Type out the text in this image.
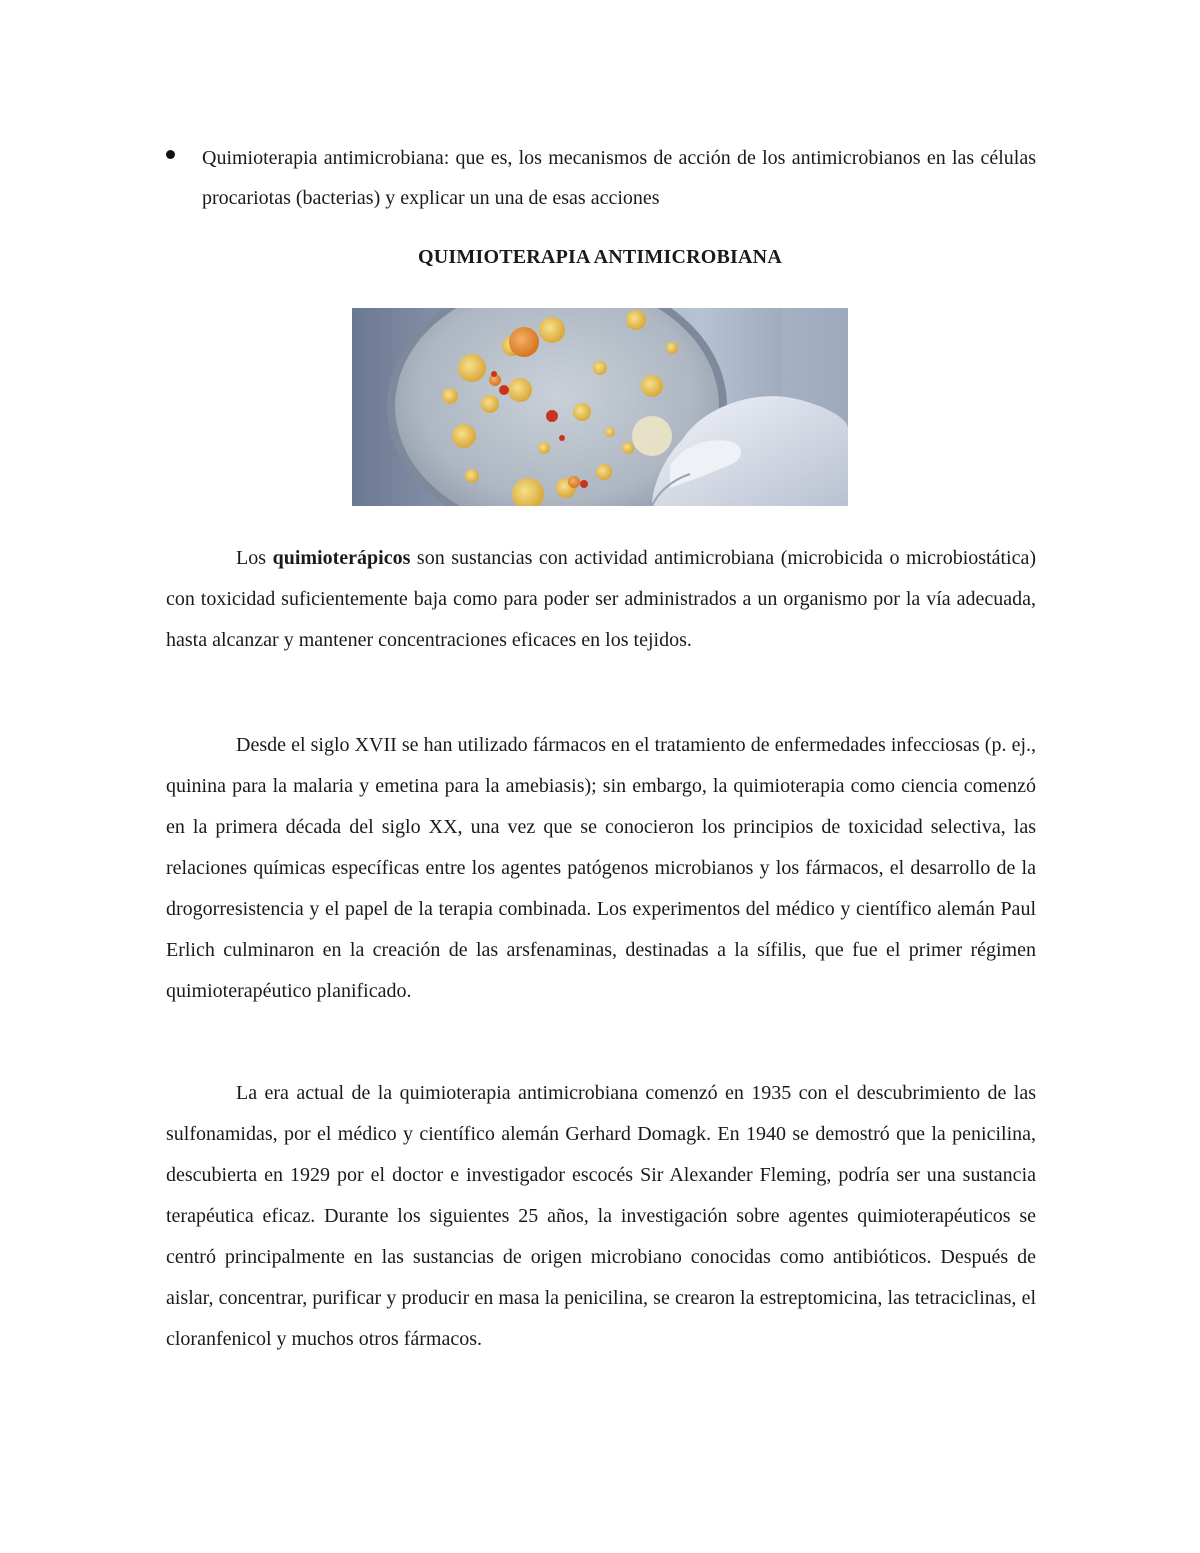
Quimioterapia antimicrobiana: que es, los mecanismos de acción de los antimicrobianos en las células procariotas (bacterias) y explicar un una de esas acciones
QUIMIOTERAPIA ANTIMICROBIANA

Los quimioterápicos son sustancias con actividad antimicrobiana (microbicida o microbiostática) con toxicidad suficientemente baja como para poder ser administrados a un organismo por la vía adecuada, hasta alcanzar y mantener concentraciones eficaces en los tejidos.

Desde el siglo XVII se han utilizado fármacos en el tratamiento de enfermedades infecciosas (p. ej., quinina para la malaria y emetina para la amebiasis); sin embargo, la quimioterapia como ciencia comenzó en la primera década del siglo XX, una vez que se conocieron los principios de toxicidad selectiva, las relaciones químicas específicas entre los agentes patógenos microbianos y los fármacos, el desarrollo de la drogorresistencia y el papel de la terapia combinada. Los experimentos del médico y científico alemán Paul Erlich culminaron en la creación de las arsfenaminas, destinadas a la sífilis, que fue el primer régimen quimioterapéutico planificado.

La era actual de la quimioterapia antimicrobiana comenzó en 1935 con el descubrimiento de las sulfonamidas, por el médico y científico alemán Gerhard Domagk. En 1940 se demostró que la penicilina, descubierta en 1929 por el doctor e investigador escocés Sir Alexander Fleming, podría ser una sustancia terapéutica eficaz. Durante los siguientes 25 años, la investigación sobre agentes quimioterapéuticos se centró principalmente en las sustancias de origen microbiano conocidas como antibióticos. Después de aislar, concentrar, purificar y producir en masa la penicilina, se crearon la estreptomicina, las tetraciclinas, el cloranfenicol y muchos otros fármacos.
